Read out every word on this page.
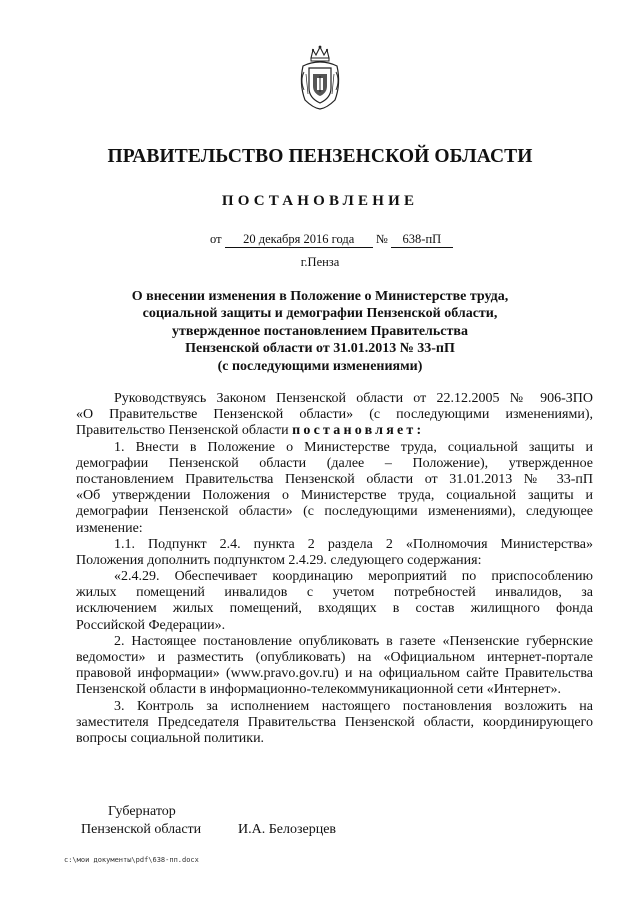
ПРАВИТЕЛЬСТВО ПЕНЗЕНСКОЙ ОБЛАСТИ
ПОСТАНОВЛЕНИЕ
от 20 декабря 2016 года № 638-пП
г.Пенза
О внесении изменения в Положение о Министерстве труда,
социальной защиты и демографии Пензенской области,
утвержденное постановлением Правительства
Пензенской области от 31.01.2013 № 33-пП
(с последующими изменениями)
Руководствуясь Законом Пензенской области от 22.12.2005 № 906-ЗПО
«О Правительстве Пензенской области» (с последующими изменениями),
Правительство Пензенской области постановляет:
1. Внести в Положение о Министерстве труда, социальной защиты и
демографии Пензенской области (далее – Положение), утвержденное
постановлением Правительства Пензенской области от 31.01.2013 № 33-пП
«Об утверждении Положения о Министерстве труда, социальной защиты и
демографии Пензенской области» (с последующими изменениями), следующее
изменение:
1.1. Подпункт 2.4. пункта 2 раздела 2 «Полномочия Министерства»
Положения дополнить подпунктом 2.4.29. следующего содержания:
«2.4.29. Обеспечивает координацию мероприятий по приспособлению
жилых помещений инвалидов с учетом потребностей инвалидов, за
исключением жилых помещений, входящих в состав жилищного фонда
Российской Федерации».
2. Настоящее постановление опубликовать в газете «Пензенские губернские
ведомости» и разместить (опубликовать) на «Официальном интернет-портале
правовой информации» (www.pravo.gov.ru) и на официальном сайте Правительства
Пензенской области в информационно-телекоммуникационной сети «Интернет».
3. Контроль за исполнением настоящего постановления возложить на
заместителя Председателя Правительства Пензенской области, координирующего
вопросы социальной политики.
Губернатор
Пензенской области	И.А. Белозерцев
c:\мои документы\pdf\638-пп.docx
